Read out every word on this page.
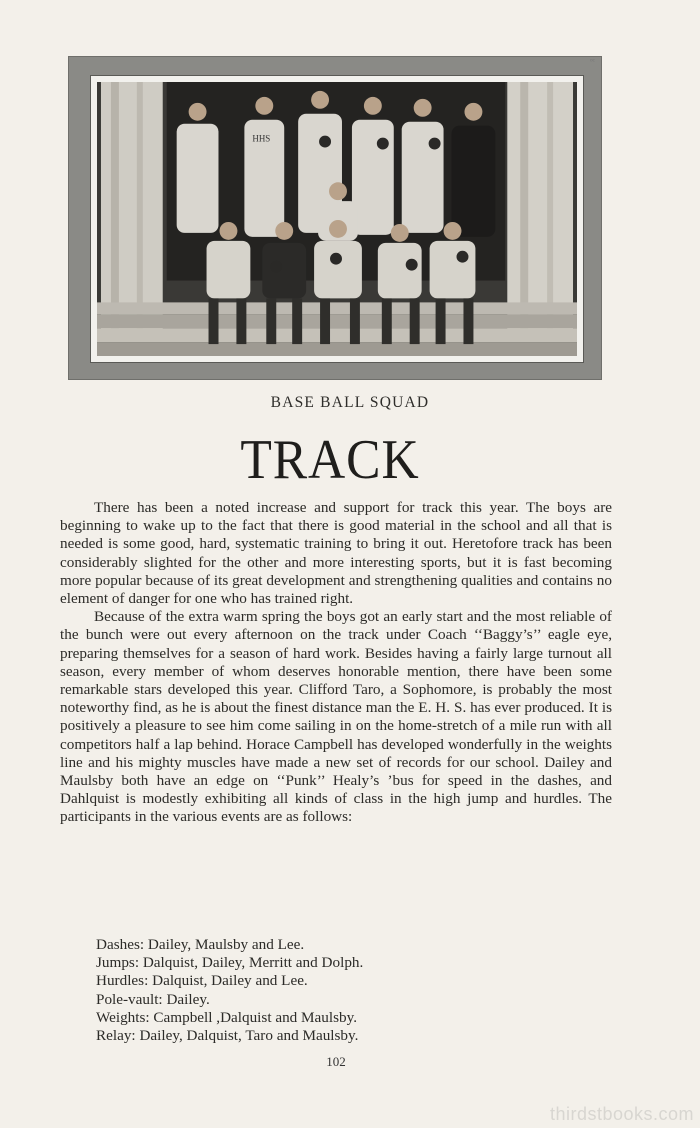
HHS
ᵒᶜ
BASE BALL SQUAD
TRACK

There has been a noted increase and support for track this year. The boys are beginning to wake up to the fact that there is good material in the school and all that is needed is some good, hard, systematic training to bring it out. Heretofore track has been considerably slighted for the other and more interesting sports, but it is fast becoming more popular because of its great development and strengthening qualities and contains no element of danger for one who has trained right.

Because of the extra warm spring the boys got an early start and the most reliable of the bunch were out every afternoon on the track under Coach ‘‘Baggy’s’’ eagle eye, preparing themselves for a season of hard work. Besides having a fairly large turnout all season, every member of whom deserves honorable mention, there have been some remarkable stars developed this year. Clifford Taro, a Sophomore, is probably the most noteworthy find, as he is about the finest distance man the E. H. S. has ever produced. It is positively a pleasure to see him come sailing in on the home-stretch of a mile run with all competitors half a lap behind. Horace Campbell has developed wonderfully in the weights line and his mighty muscles have made a new set of records for our school. Dailey and Maulsby both have an edge on ‘‘Punk’’ Healy’s ’bus for speed in the dashes, and Dahlquist is modestly exhibiting all kinds of class in the high jump and hurdles. The participants in the various events are as follows:

Dashes: Dailey, Maulsby and Lee.
Jumps: Dalquist, Dailey, Merritt and Dolph.
Hurdles: Dalquist, Dailey and Lee.
Pole-vault: Dailey.
Weights: Campbell ,Dalquist and Maulsby.
Relay: Dailey, Dalquist, Taro and Maulsby.
102
thirdstbooks.com
